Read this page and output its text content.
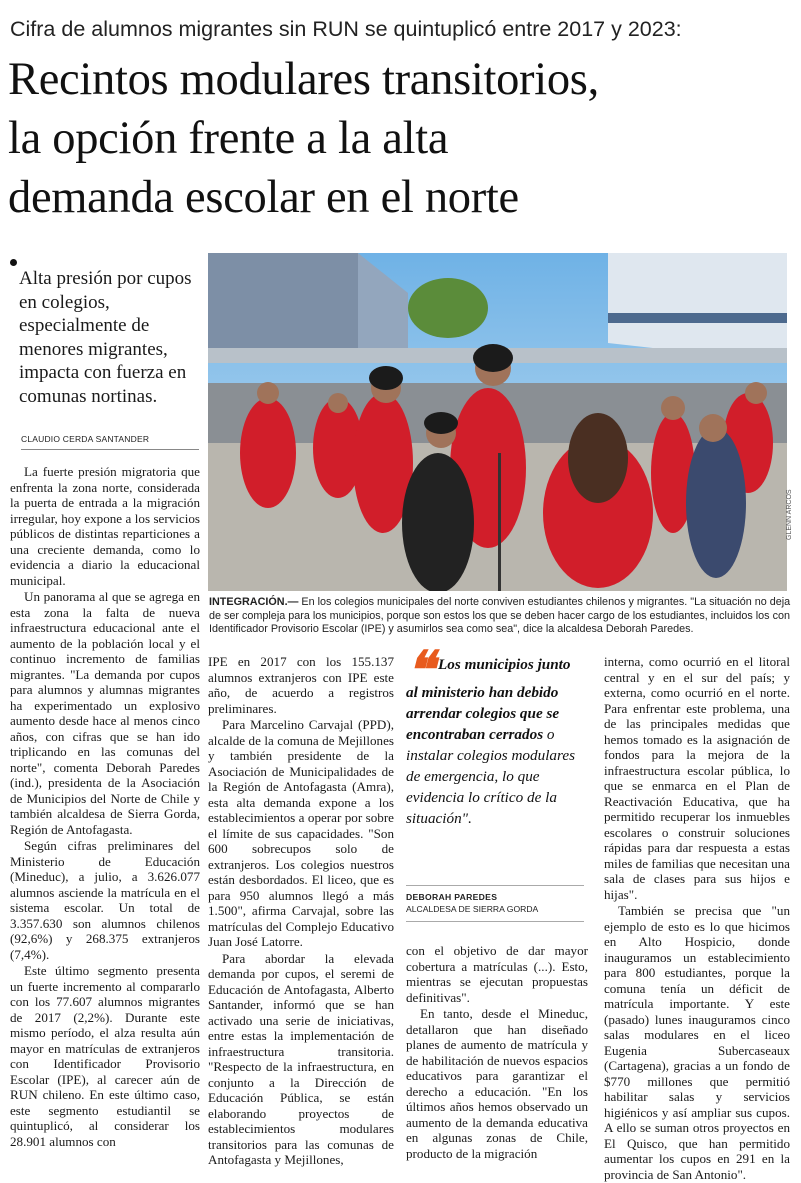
Cifra de alumnos migrantes sin RUN se quintuplicó entre 2017 y 2023:
Recintos modulares transitorios,
la opción frente a la alta
demanda escolar en el norte
Alta presión por cupos en colegios, especialmente de menores migrantes, impacta con fuerza en comunas nortinas.
CLAUDIO CERDA SANTANDER

La fuerte presión migratoria que enfrenta la zona norte, considerada la puerta de entrada a la migración irregular, hoy expone a los servicios públicos de distintas reparticiones a una creciente demanda, como lo evidencia a diario la educacional municipal.

Un panorama al que se agrega en esta zona la falta de nueva infraestructura educacional ante el aumento de la población local y el continuo incremento de familias migrantes. "La demanda por cupos para alumnos y alumnas migrantes ha experimentado un explosivo aumento desde hace al menos cinco años, con cifras que se han ido triplicando en las comunas del norte", comenta Deborah Paredes (ind.), presidenta de la Asociación de Municipios del Norte de Chile y también alcaldesa de Sierra Gorda, Región de Antofagasta.

Según cifras preliminares del Ministerio de Educación (Mineduc), a julio, a 3.626.077 alumnos asciende la matrícula en el sistema escolar. Un total de 3.357.630 son alumnos chilenos (92,6%) y 268.375 extranjeros (7,4%).

Este último segmento presenta un fuerte incremento al compararlo con los 77.607 alumnos migrantes de 2017 (2,2%). Durante este mismo período, el alza resulta aún mayor en matrículas de extranjeros con Identificador Provisorio Escolar (IPE), al carecer aún de RUN chileno. En este último caso, este segmento estudiantil se quintuplicó, al considerar los 28.901 alumnos con

GLENN ARCOS
INTEGRACIÓN.— En los colegios municipales del norte conviven estudiantes chilenos y migrantes. "La situación no deja de ser compleja para los municipios, porque son estos los que se deben hacer cargo de los estudiantes, incluidos los con Identificador Provisorio Escolar (IPE) y asumirlos sea como sea", dice la alcaldesa Deborah Paredes.

IPE en 2017 con los 155.137 alumnos extranjeros con IPE este año, de acuerdo a registros preliminares.

Para Marcelino Carvajal (PPD), alcalde de la comuna de Mejillones y también presidente de la Asociación de Municipalidades de la Región de Antofagasta (Amra), esta alta demanda expone a los establecimientos a operar por sobre el límite de sus capacidades. "Son 600 sobrecupos solo de extranjeros. Los colegios nuestros están desbordados. El liceo, que es para 950 alumnos llegó a más 1.500", afirma Carvajal, sobre las matrículas del Complejo Educativo Juan José Latorre.

Para abordar la elevada demanda por cupos, el seremi de Educación de Antofagasta, Alberto Santander, informó que se han activado una serie de iniciativas, entre estas la implementación de infraestructura transitoria. "Respecto de la infraestructura, en conjunto a la Dirección de Educación Pública, se están elaborando proyectos de establecimientos modulares transitorios para las comunas de Antofagasta y Mejillones,

❝ Los municipios junto al ministerio han debido arrendar colegios que se encontraban cerrados o instalar colegios modulares de emergencia, lo que evidencia lo crítico de la situación".
DEBORAH PAREDES
ALCALDESA DE SIERRA GORDA

con el objetivo de dar mayor cobertura a matrículas (...). Esto, mientras se ejecutan propuestas definitivas".

En tanto, desde el Mineduc, detallaron que han diseñado planes de aumento de matrícula y de habilitación de nuevos espacios educativos para garantizar el derecho a educación. "En los últimos años hemos observado un aumento de la demanda educativa en algunas zonas de Chile, producto de la migración

interna, como ocurrió en el litoral central y en el sur del país; y externa, como ocurrió en el norte. Para enfrentar este problema, una de las principales medidas que hemos tomado es la asignación de fondos para la mejora de la infraestructura escolar pública, lo que se enmarca en el Plan de Reactivación Educativa, que ha permitido recuperar los inmuebles escolares o construir soluciones rápidas para dar respuesta a estas miles de familias que necesitan una sala de clases para sus hijos e hijas".

También se precisa que "un ejemplo de esto es lo que hicimos en Alto Hospicio, donde inauguramos un establecimiento para 800 estudiantes, porque la comuna tenía un déficit de matrícula importante. Y este (pasado) lunes inauguramos cinco salas modulares en el liceo Eugenia Subercaseaux (Cartagena), gracias a un fondo de $770 millones que permitió habilitar salas y servicios higiénicos y así ampliar sus cupos. A ello se suman otros proyectos en El Quisco, que han permitido aumentar los cupos en 291 en la provincia de San Antonio".
